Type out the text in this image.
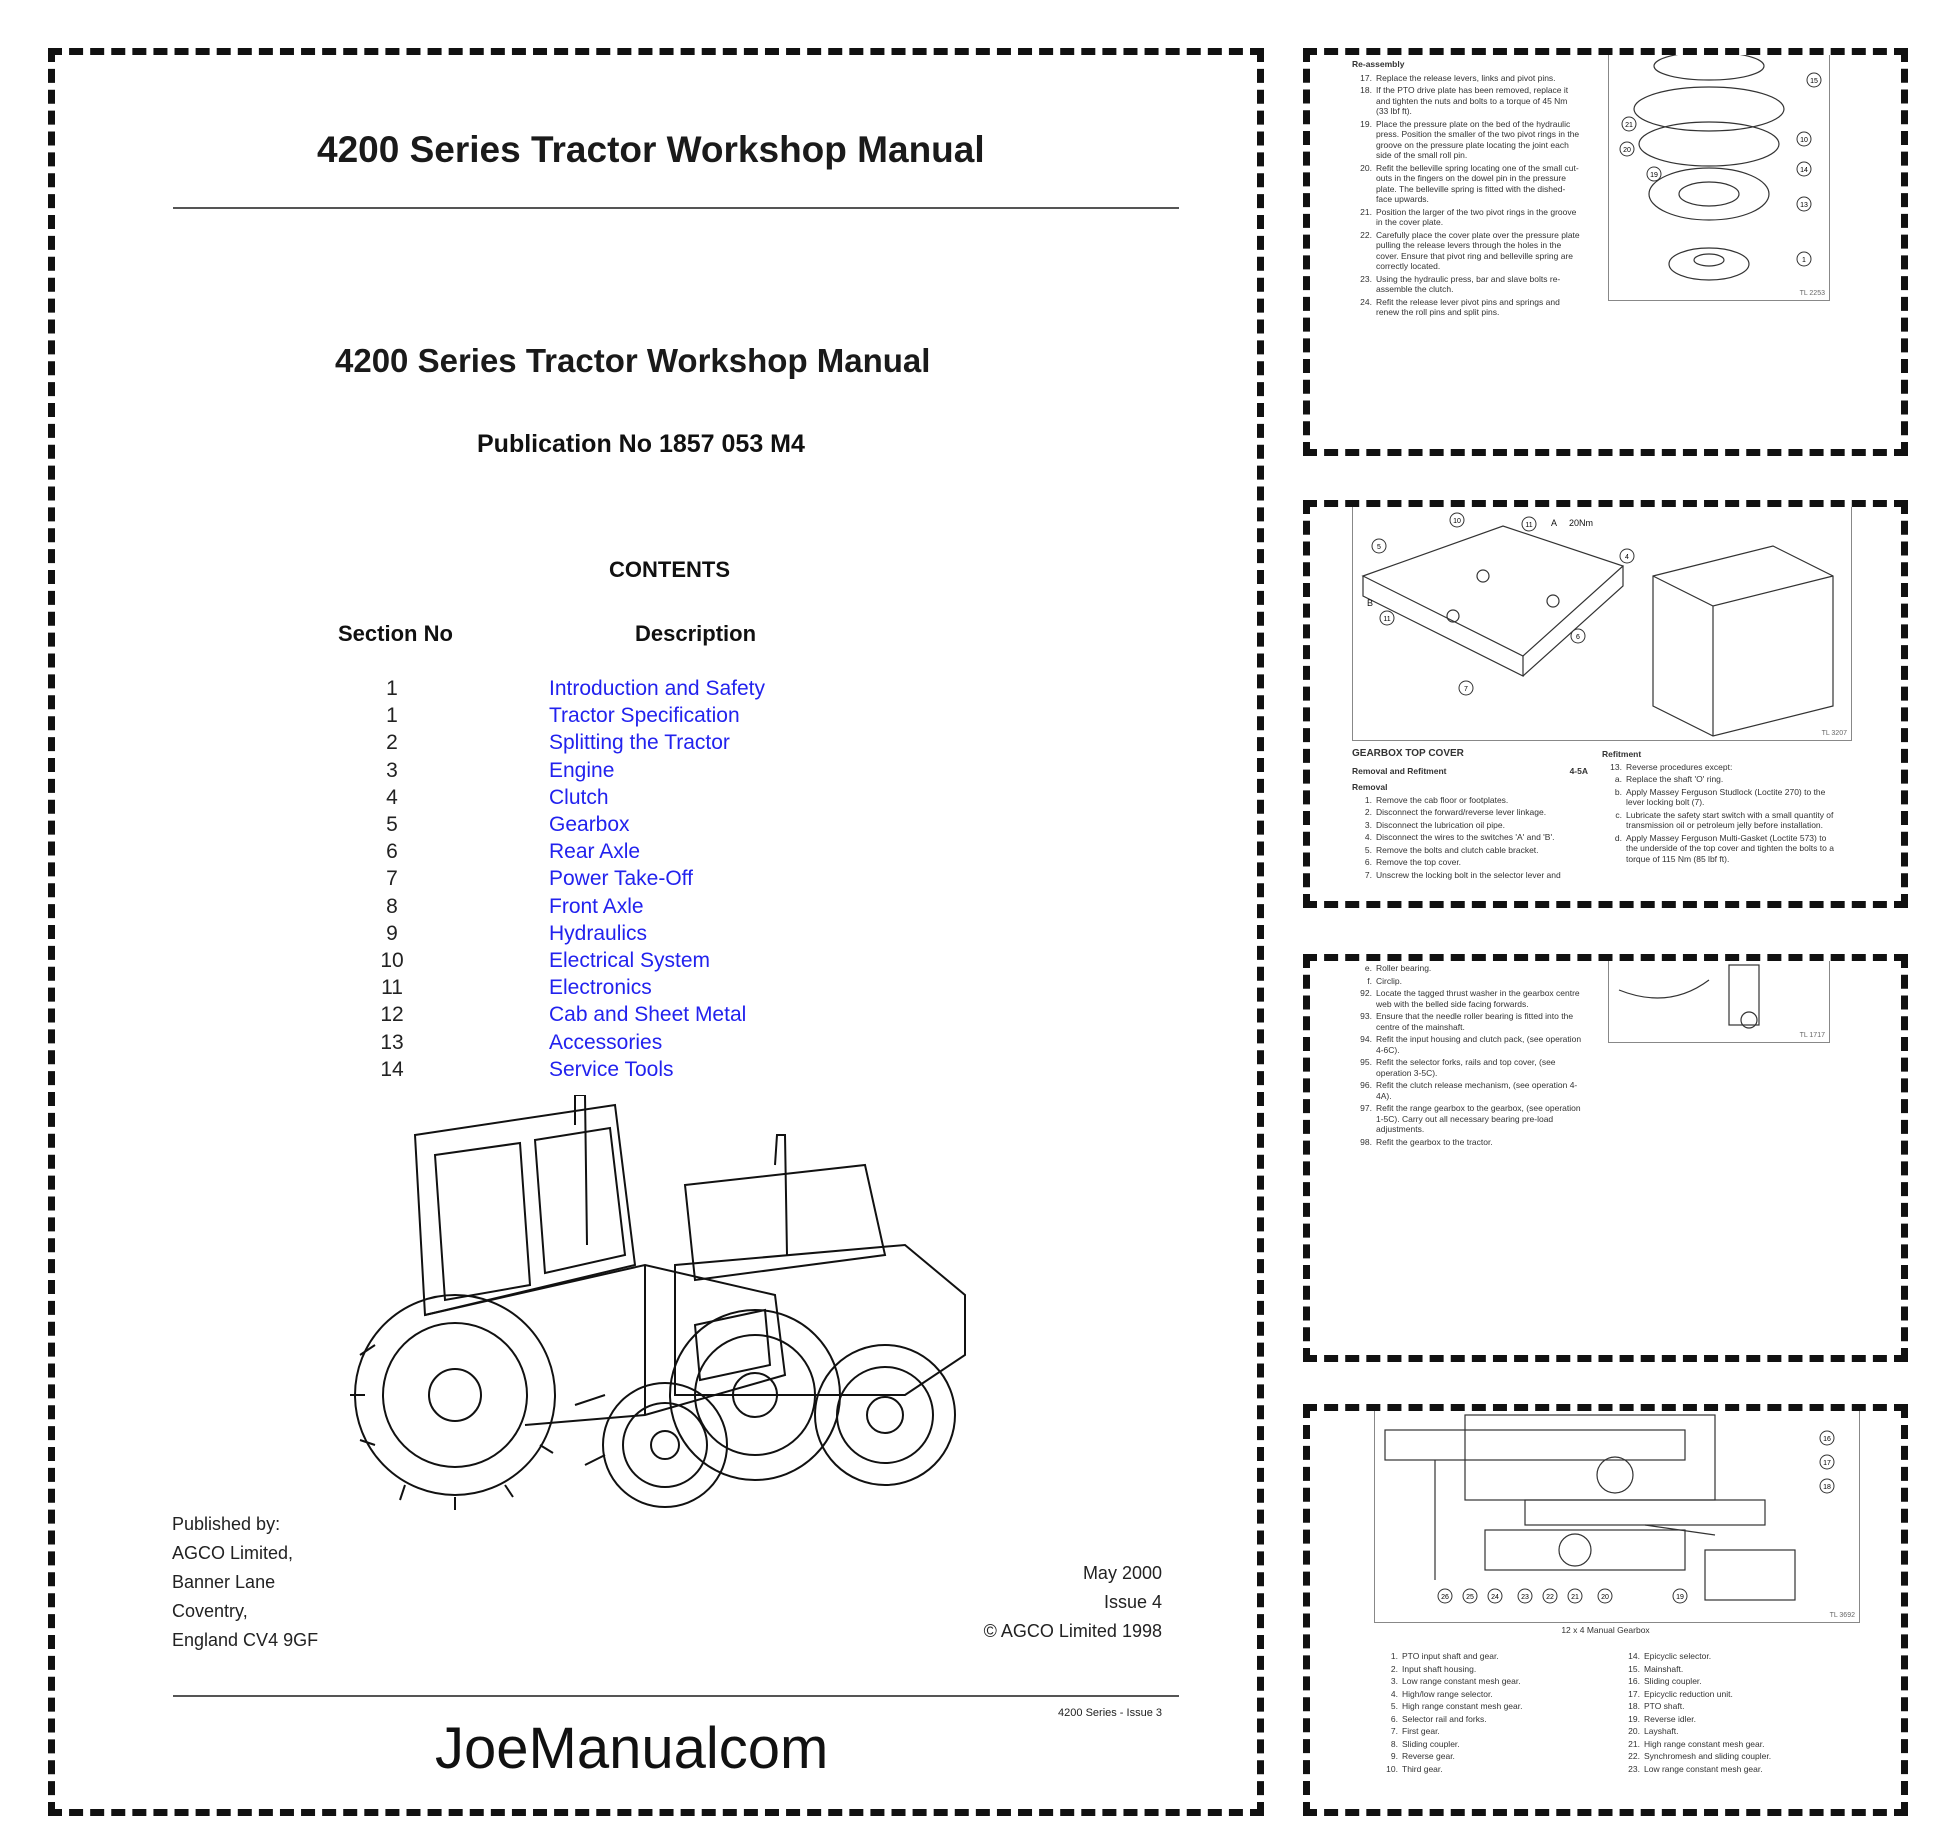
4200 Series Tractor Workshop Manual
4200 Series Tractor Workshop Manual
Publication No 1857 053 M4
CONTENTS
Section No	Description
1	Introduction and Safety
1	Tractor Specification
2	Splitting the Tractor
3	Engine
4	Clutch
5	Gearbox
6	Rear Axle
7	Power Take-Off
8	Front Axle
9	Hydraulics
10	Electrical System
11	Electronics
12	Cab and Sheet Metal
13	Accessories
14	Service Tools
Published by:
AGCO Limited,
Banner Lane
Coventry,
England CV4 9GF
May 2000
Issue 4
© AGCO Limited 1998
4200 Series - Issue 3
JoeManualcom
Re-assembly
17. Replace the release levers, links and pivot pins.
18. If the PTO drive plate has been removed, replace it and tighten the nuts and bolts to a torque of 45 Nm (33 lbf ft).
19. Place the pressure plate on the bed of the hydraulic press. Position the smaller of the two pivot rings in the groove on the pressure plate locating the joint each side of the small roll pin.
20. Refit the belleville spring locating one of the small cut- outs in the fingers on the dowel pin in the pressure plate. The belleville spring is fitted with the dished-face upwards.
21. Position the larger of the two pivot rings in the groove in the cover plate.
22. Carefully place the cover plate over the pressure plate pulling the release levers through the holes in the cover. Ensure that pivot ring and belleville spring are correctly located.
23. Using the hydraulic press, bar and slave bolts re-assemble the clutch.
24. Refit the release lever pivot pins and springs and renew the roll pins and split pins.
15
21
10
20
14
19
13
1
TL 2253
A 20Nm
B
10
11
5
4
6
7
11
TL 3207
GEARBOX TOP COVER
Removal and Refitment	4-5A
Removal
1. Remove the cab floor or footplates.
2. Disconnect the forward/reverse lever linkage.
3. Disconnect the lubrication oil pipe.
4. Disconnect the wires to the switches 'A' and 'B'.
5. Remove the bolts and clutch cable bracket.
6. Remove the top cover.
7. Unscrew the locking bolt in the selector lever and
Refitment
13. Reverse procedures except:
a. Replace the shaft 'O' ring.
b. Apply Massey Ferguson Studlock (Loctite 270) to the lever locking bolt (7).
c. Lubricate the safety start switch with a small quantity of transmission oil or petroleum jelly before installation.
d. Apply Massey Ferguson Multi-Gasket (Loctite 573) to the underside of the top cover and tighten the bolts to a torque of 115 Nm (85 lbf ft).
e. Roller bearing.
f. Circlip.
92. Locate the tagged thrust washer in the gearbox centre web with the belled side facing forwards.
93. Ensure that the needle roller bearing is fitted into the centre of the mainshaft.
94. Refit the input housing and clutch pack, (see operation 4-6C).
95. Refit the selector forks, rails and top cover, (see operation 3-5C).
96. Refit the clutch release mechanism, (see operation 4-4A).
97. Refit the range gearbox to the gearbox, (see operation 1-5C). Carry out all necessary bearing pre-load adjustments.
98. Refit the gearbox to the tractor.
TL 1717
16
17
18
19
26 25 24	23 22 21	20
TL 3692
12 x 4 Manual Gearbox
1. PTO input shaft and gear.
2. Input shaft housing.
3. Low range constant mesh gear.
4. High/low range selector.
5. High range constant mesh gear.
6. Selector rail and forks.
7. First gear.
8. Sliding coupler.
9. Reverse gear.
10. Third gear.
14. Epicyclic selector.
15. Mainshaft.
16. Sliding coupler.
17. Epicyclic reduction unit.
18. PTO shaft.
19. Reverse idler.
20. Layshaft.
21. High range constant mesh gear.
22. Synchromesh and sliding coupler.
23. Low range constant mesh gear.
